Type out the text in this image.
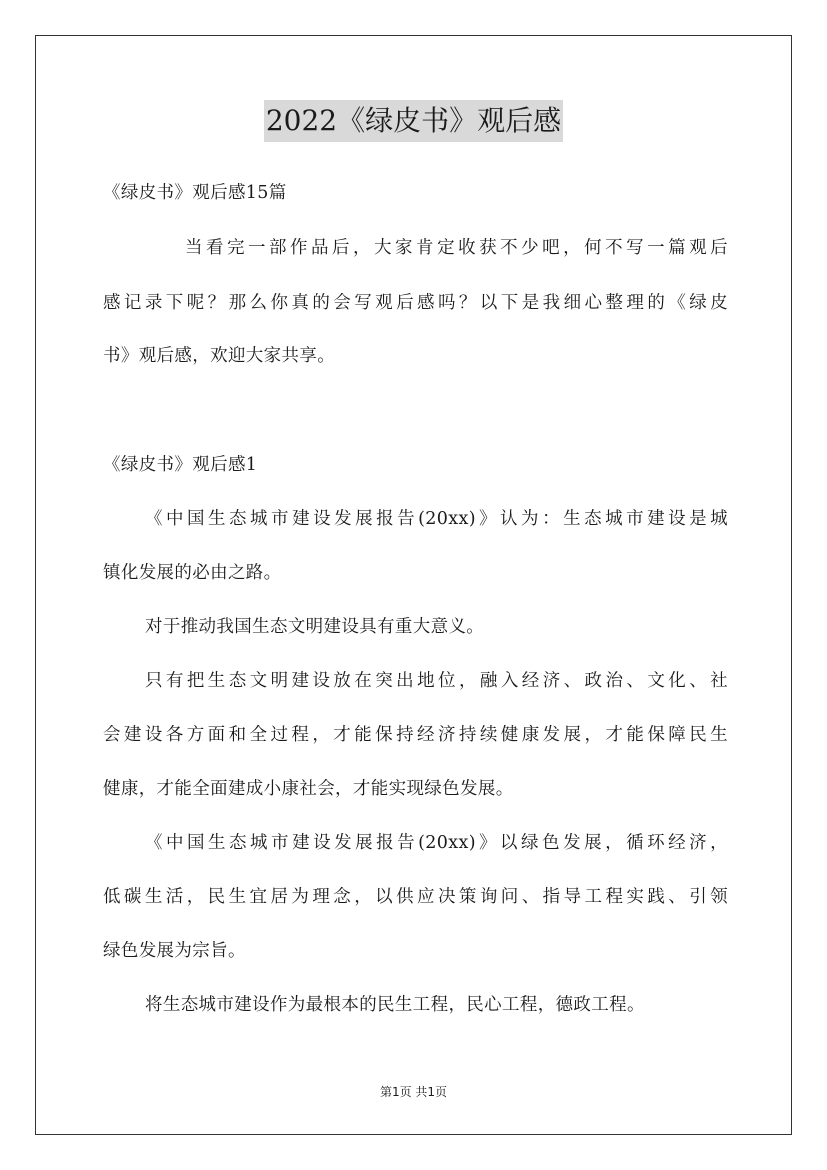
2022《绿皮书》观后感
《绿皮书》观后感15篇
当看完一部作品后，大家肯定收获不少吧，何不写一篇观后
感记录下呢？那么你真的会写观后感吗？以下是我细心整理的《绿皮
书》观后感，欢迎大家共享。
《绿皮书》观后感1
《中国生态城市建设发展报告(20xx)》认为：生态城市建设是城
镇化发展的必由之路。
对于推动我国生态文明建设具有重大意义。
只有把生态文明建设放在突出地位，融入经济、政治、文化、社
会建设各方面和全过程，才能保持经济持续健康发展，才能保障民生
健康，才能全面建成小康社会，才能实现绿色发展。
《中国生态城市建设发展报告(20xx)》以绿色发展，循环经济，
低碳生活，民生宜居为理念，以供应决策询问、指导工程实践、引领
绿色发展为宗旨。
将生态城市建设作为最根本的民生工程，民心工程，德政工程。
第1页 共1页
